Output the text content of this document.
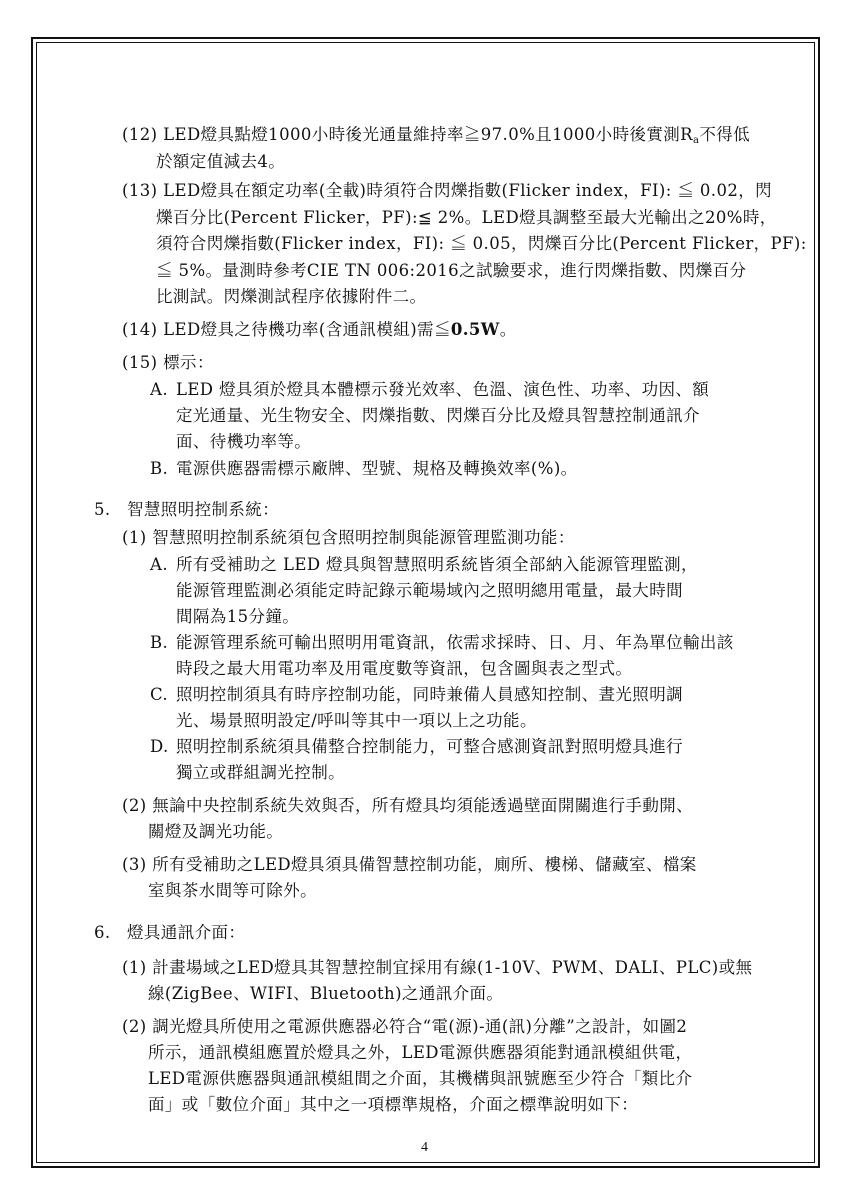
(12) LED燈具點燈1000小時後光通量維持率≧97.0%且1000小時後實測$R_a$不得低
於額定值減去4。
(13) LED燈具在額定功率(全載)時須符合閃爍指數(Flicker index，FI): ≦ 0.02，閃
爍百分比(Percent Flicker，PF):≦ 2%。LED燈具調整至最大光輸出之20%時，
須符合閃爍指數(Flicker index，FI): ≦ 0.05，閃爍百分比(Percent Flicker，PF):
≦ 5%。量測時參考CIE TN 006:2016之試驗要求，進行閃爍指數、閃爍百分
比測試。閃爍測試程序依據附件二。
(14) LED燈具之待機功率(含通訊模組)需≦0.5W。
(15) 標示：
A. LED 燈具須於燈具本體標示發光效率、色溫、演色性、功率、功因、額
定光通量、光生物安全、閃爍指數、閃爍百分比及燈具智慧控制通訊介
面、待機功率等。
B. 電源供應器需標示廠牌、型號、規格及轉換效率(%)。
5. 智慧照明控制系統：
(1) 智慧照明控制系統須包含照明控制與能源管理監測功能：
A. 所有受補助之 LED 燈具與智慧照明系統皆須全部納入能源管理監測，
能源管理監測必須能定時記錄示範場域內之照明總用電量，最大時間
間隔為15分鐘。
B. 能源管理系統可輸出照明用電資訊，依需求採時、日、月、年為單位輸出該
時段之最大用電功率及用電度數等資訊，包含圖與表之型式。
C. 照明控制須具有時序控制功能，同時兼備人員感知控制、晝光照明調
光、場景照明設定/呼叫等其中一項以上之功能。
D. 照明控制系統須具備整合控制能力，可整合感測資訊對照明燈具進行
獨立或群組調光控制。
(2) 無論中央控制系統失效與否，所有燈具均須能透過壁面開關進行手動開、
關燈及調光功能。
(3) 所有受補助之LED燈具須具備智慧控制功能，廁所、樓梯、儲藏室、檔案
室與茶水間等可除外。
6. 燈具通訊介面：
(1) 計畫場域之LED燈具其智慧控制宜採用有線(1-10V、PWM、DALI、PLC)或無
線(ZigBee、WIFI、Bluetooth)之通訊介面。
(2) 調光燈具所使用之電源供應器必符合“電(源)-通(訊)分離”之設計，如圖2
所示，通訊模組應置於燈具之外，LED電源供應器須能對通訊模組供電，
LED電源供應器與通訊模組間之介面，其機構與訊號應至少符合「類比介
面」或「數位介面」其中之一項標準規格，介面之標準說明如下：
4
